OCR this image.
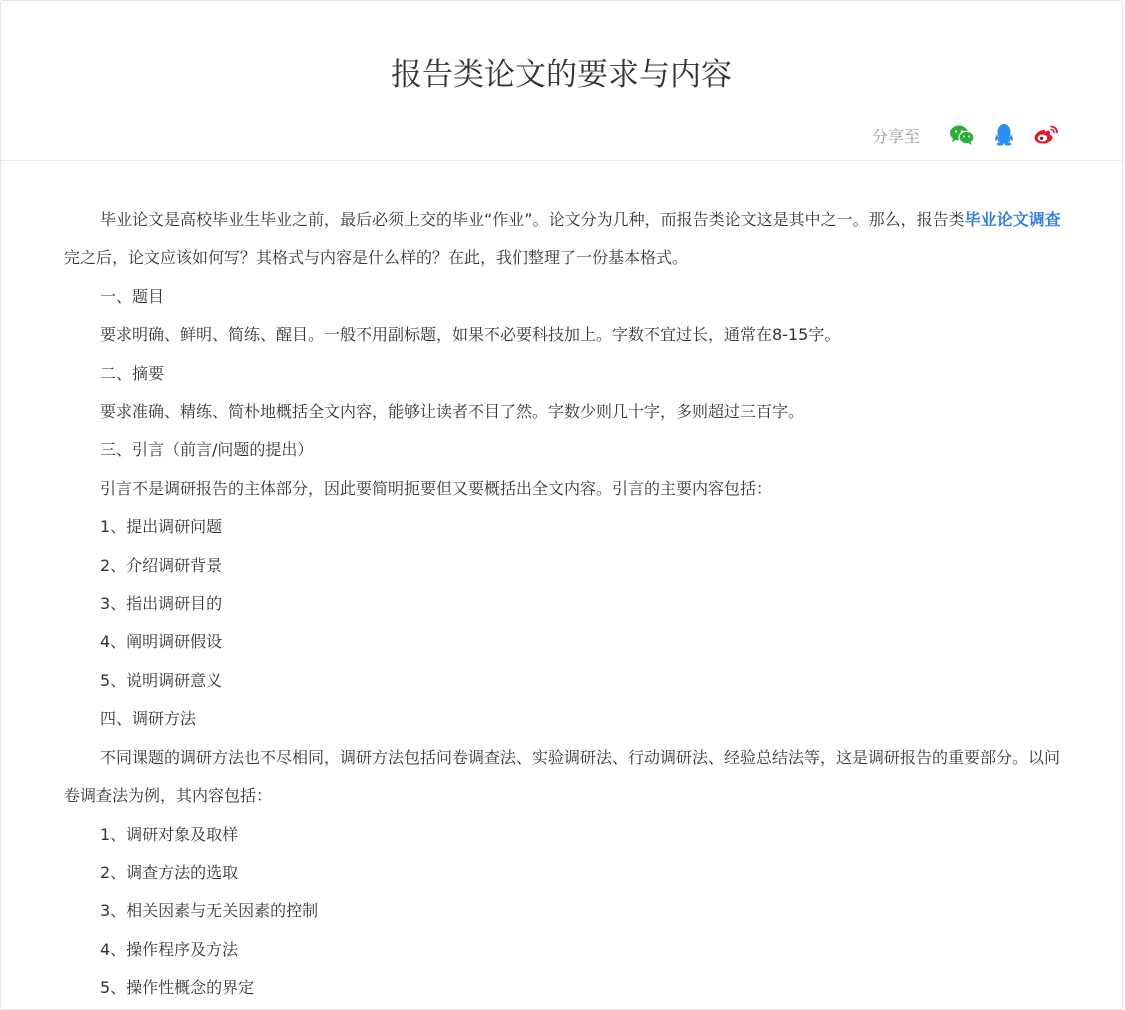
报告类论文的要求与内容
分享至

毕业论文是高校毕业生毕业之前，最后必须上交的毕业“作业”。论文分为几种，而报告类论文这是其中之一。那么，报告类毕业论文调查完之后，论文应该如何写？其格式与内容是什么样的？在此，我们整理了一份基本格式。

一、题目

要求明确、鲜明、简练、醒目。一般不用副标题，如果不必要科技加上。字数不宜过长，通常在8-15字。

二、摘要

要求准确、精练、简朴地概括全文内容，能够让读者不目了然。字数少则几十字，多则超过三百字。

三、引言（前言/问题的提出）

引言不是调研报告的主体部分，因此要简明扼要但又要概括出全文内容。引言的主要内容包括：

1、提出调研问题

2、介绍调研背景

3、指出调研目的

4、阐明调研假设

5、说明调研意义

四、调研方法

不同课题的调研方法也不尽相同，调研方法包括问卷调查法、实验调研法、行动调研法、经验总结法等，这是调研报告的重要部分。以问卷调查法为例，其内容包括：

1、调研对象及取样

2、调查方法的选取

3、相关因素与无关因素的控制

4、操作程序及方法

5、操作性概念的界定
